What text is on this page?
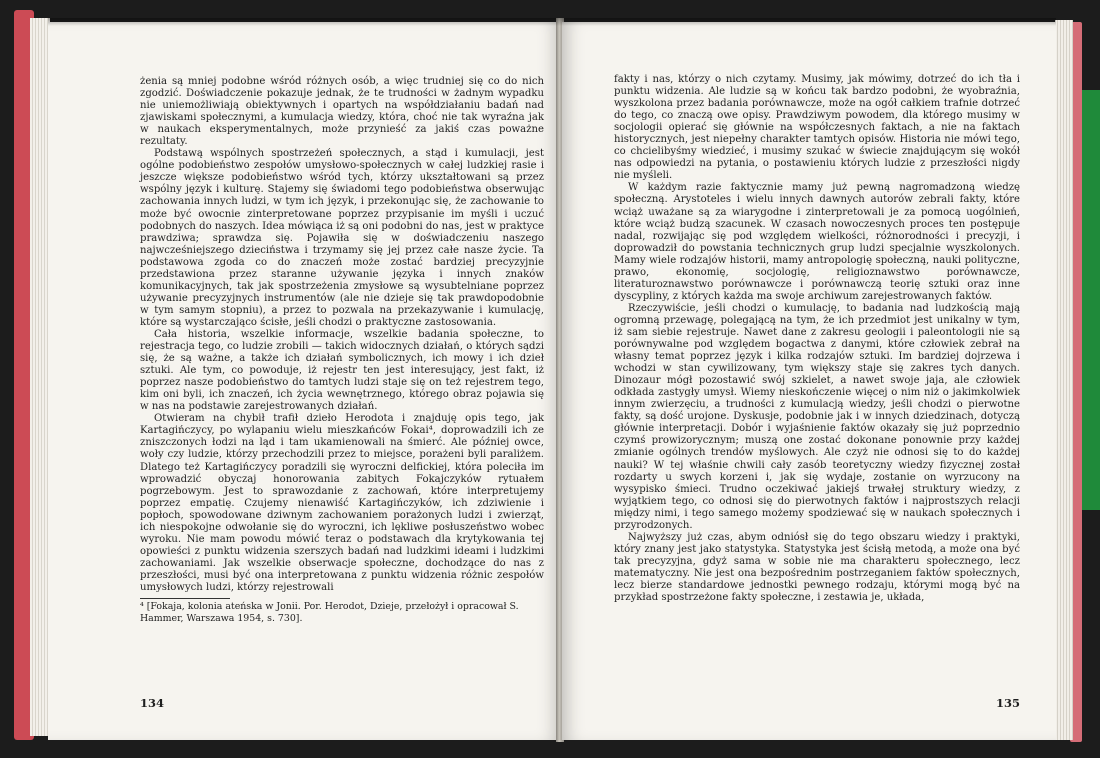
żenia są mniej podobne wśród różnych osób, a więc trudniej się co do nich zgodzić. Doświadczenie pokazuje jednak, że te trudności w żadnym wypadku nie uniemożliwiają obiektywnych i opartych na współdziałaniu badań nad zjawiskami społecznymi, a kumulacja wiedzy, która, choć nie tak wyraźna jak w naukach eksperymentalnych, może przynieść za jakiś czas poważne rezultaty.

Podstawą wspólnych spostrzeżeń społecznych, a stąd i kumulacji, jest ogólne podobieństwo zespołów umysłowo-społecznych w całej ludzkiej rasie i jeszcze większe podobieństwo wśród tych, którzy ukształtowani są przez wspólny język i kulturę. Stajemy się świadomi tego podobieństwa obserwując zachowania innych ludzi, w tym ich język, i przekonując się, że zachowanie to może być owocnie zinterpretowane poprzez przypisanie im myśli i uczuć podobnych do naszych. Idea mówiąca iż są oni podobni do nas, jest w praktyce prawdziwa; sprawdza się. Pojawiła się w doświadczeniu naszego najwcześniejszego dzieciństwa i trzymamy się jej przez całe nasze życie. Ta podstawowa zgoda co do znaczeń może zostać bardziej precyzyjnie przedstawiona przez staranne używanie języka i innych znaków komunikacyjnych, tak jak spostrzeżenia zmysłowe są wysubtelniane poprzez używanie precyzyjnych instrumentów (ale nie dzieje się tak prawdopodobnie w tym samym stopniu), a przez to pozwala na przekazywanie i kumulację, które są wystarczająco ścisłe, jeśli chodzi o praktyczne zastosowania.

Cała historia, wszelkie informacje, wszelkie badania społeczne, to rejestracja tego, co ludzie zrobili — takich widocznych działań, o których sądzi się, że są ważne, a także ich działań symbolicznych, ich mowy i ich dzieł sztuki. Ale tym, co powoduje, iż rejestr ten jest interesujący, jest fakt, iż poprzez nasze podobieństwo do tamtych ludzi staje się on też rejestrem tego, kim oni byli, ich znaczeń, ich życia wewnętrznego, którego obraz pojawia się w nas na podstawie zarejestrowanych działań.

Otwieram na chybił trafił dzieło Herodota i znajduję opis tego, jak Kartagińczycy, po wylapaniu wielu mieszkańców Fokai⁴, doprowadzili ich ze zniszczonych łodzi na ląd i tam ukamienowali na śmierć. Ale później owce, woły czy ludzie, którzy przechodzili przez to miejsce, porażeni byli paraliżem. Dlatego też Kartagińczycy poradzili się wyroczni delfickiej, która poleciła im wprowadzić obyczaj honorowania zabitych Fokajczyków rytuałem pogrzebowym. Jest to sprawozdanie z zachowań, które interpretujemy poprzez empatię. Czujemy nienawiść Kartagińczyków, ich zdziwienie i popłoch, spowodowane dziwnym zachowaniem porażonych ludzi i zwierząt, ich niespokojne odwołanie się do wyroczni, ich lękliwe posłuszeństwo wobec wyroku. Nie mam powodu mówić teraz o podstawach dla krytykowania tej opowieści z punktu widzenia szerszych badań nad ludzkimi ideami i ludzkimi zachowaniami. Jak wszelkie obserwacje społeczne, dochodzące do nas z przeszłości, musi być ona interpretowana z punktu widzenia różnic zespołów umysłowych ludzi, którzy rejestrowali

⁴ [Fokaja, kolonia ateńska w Jonii. Por. Herodot, Dzieje, przełożył i opracował S. Hammer, Warszawa 1954, s. 730].

134

fakty i nas, którzy o nich czytamy. Musimy, jak mówimy, dotrzeć do ich tła i punktu widzenia. Ale ludzie są w końcu tak bardzo podobni, że wyobraźnia, wyszkolona przez badania porównawcze, może na ogół całkiem trafnie dotrzeć do tego, co znaczą owe opisy. Prawdziwym powodem, dla którego musimy w socjologii opierać się głównie na współczesnych faktach, a nie na faktach historycznych, jest niepełny charakter tamtych opisów. Historia nie mówi tego, co chcielibyśmy wiedzieć, i musimy szukać w świecie znajdującym się wokół nas odpowiedzi na pytania, o postawieniu których ludzie z przeszłości nigdy nie myśleli.

W każdym razie faktycznie mamy już pewną nagromadzoną wiedzę społeczną. Arystoteles i wielu innych dawnych autorów zebrali fakty, które wciąż uważane są za wiarygodne i zinterpretowali je za pomocą uogólnień, które wciąż budzą szacunek. W czasach nowoczesnych proces ten postępuje nadal, rozwijając się pod względem wielkości, różnorodności i precyzji, i doprowadził do powstania technicznych grup ludzi specjalnie wyszkolonych. Mamy wiele rodzajów historii, mamy antropologię społeczną, nauki polityczne, prawo, ekonomię, socjologię, religioznawstwo porównawcze, literaturoznawstwo porównawcze i porównawczą teorię sztuki oraz inne dyscypliny, z których każda ma swoje archiwum zarejestrowanych faktów.

Rzeczywiście, jeśli chodzi o kumulację, to badania nad ludzkością mają ogromną przewagę, polegającą na tym, że ich przedmiot jest unikalny w tym, iż sam siebie rejestruje. Nawet dane z zakresu geologii i paleontologii nie są porównywalne pod względem bogactwa z danymi, które człowiek zebrał na własny temat poprzez język i kilka rodzajów sztuki. Im bardziej dojrzewa i wchodzi w stan cywilizowany, tym większy staje się zakres tych danych. Dinozaur mógł pozostawić swój szkielet, a nawet swoje jaja, ale człowiek odkłada zastygły umysł. Wiemy nieskończenie więcej o nim niż o jakimkolwiek innym zwierzęciu, a trudności z kumulacją wiedzy, jeśli chodzi o pierwotne fakty, są dość urojone. Dyskusje, podobnie jak i w innych dziedzinach, dotyczą głównie interpretacji. Dobór i wyjaśnienie faktów okazały się już poprzednio czymś prowizorycznym; muszą one zostać dokonane ponownie przy każdej zmianie ogólnych trendów myślowych. Ale czyż nie odnosi się to do każdej nauki? W tej właśnie chwili cały zasób teoretyczny wiedzy fizycznej został rozdarty u swych korzeni i, jak się wydaje, zostanie on wyrzucony na wysypisko śmieci. Trudno oczekiwać jakiejś trwałej struktury wiedzy, z wyjątkiem tego, co odnosi się do pierwotnych faktów i najprostszych relacji między nimi, i tego samego możemy spodziewać się w naukach społecznych i przyrodzonych.

Najwyższy już czas, abym odniósł się do tego obszaru wiedzy i praktyki, który znany jest jako statystyka. Statystyka jest ścisłą metodą, a może ona być tak precyzyjna, gdyż sama w sobie nie ma charakteru społecznego, lecz matematyczny. Nie jest ona bezpośrednim postrzeganiem faktów społecznych, lecz bierze standardowe jednostki pewnego rodzaju, którymi mogą być na przykład spostrzeżone fakty społeczne, i zestawia je, układa,

135
